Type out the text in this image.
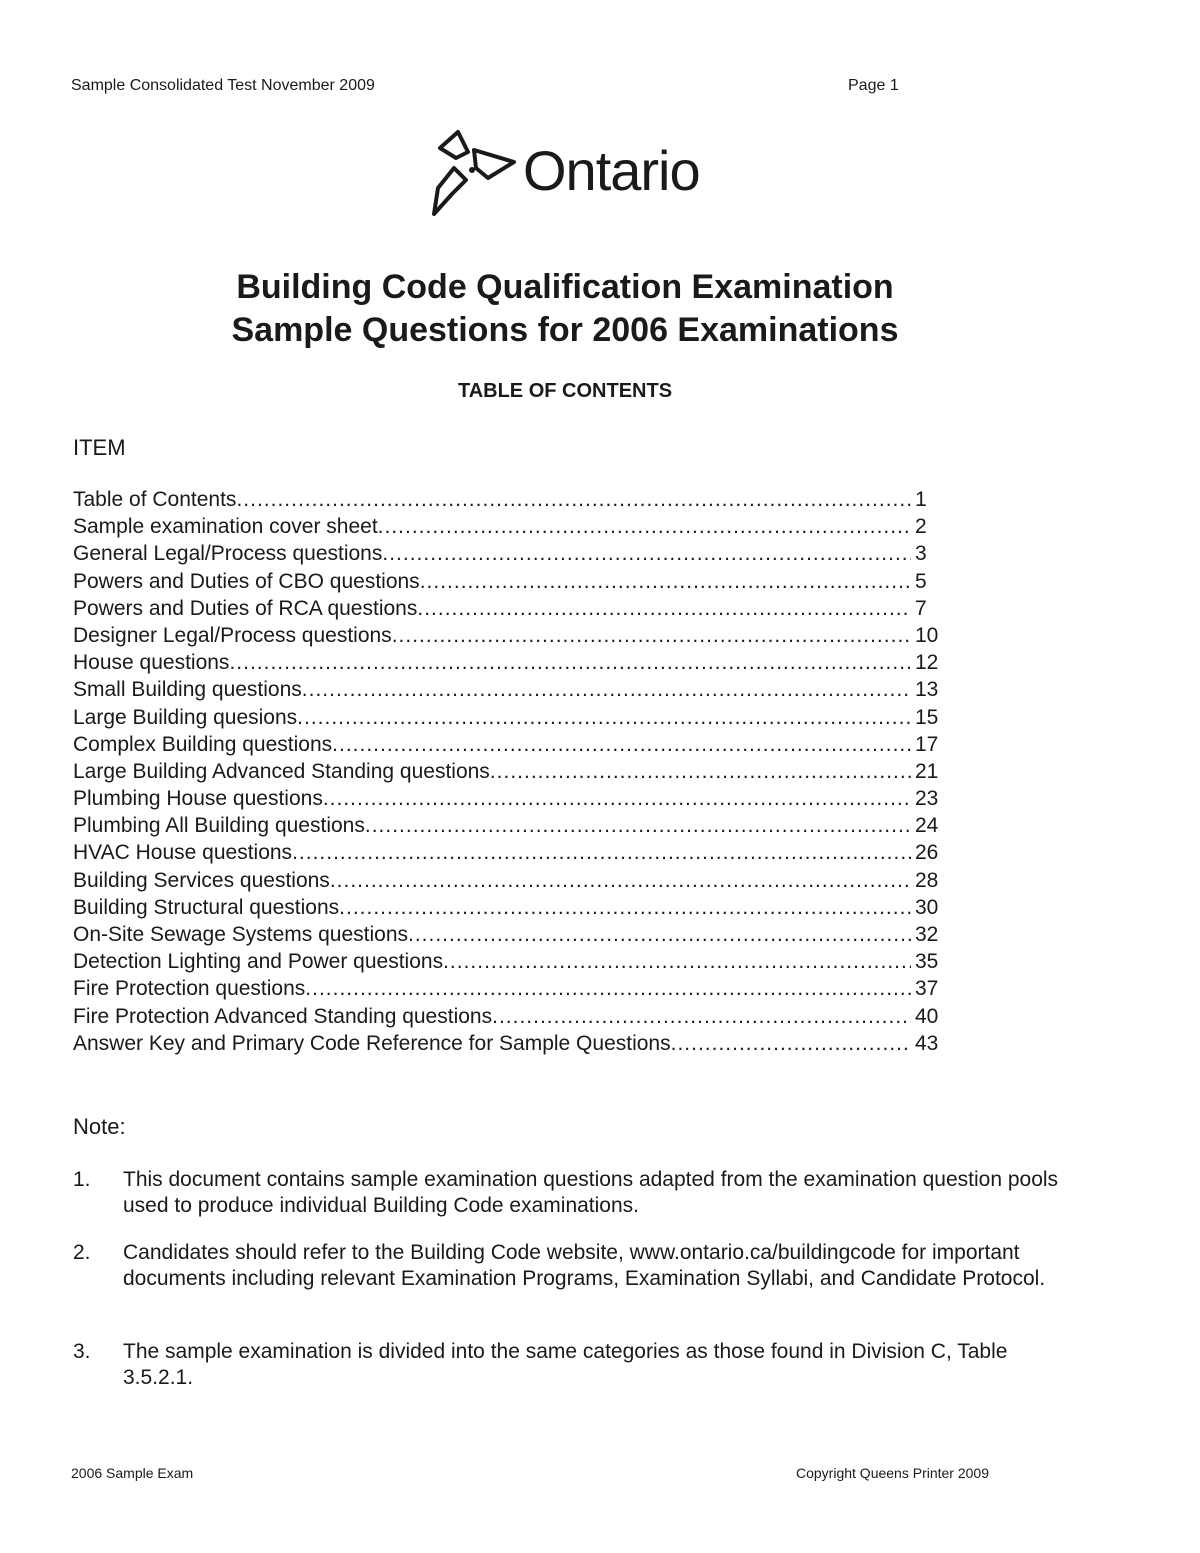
Sample Consolidated Test November 2009	Page 1
Ontario
Building Code Qualification Examination
Sample Questions for 2006 Examinations
TABLE OF CONTENTS
ITEM
Table of Contents .....	1
Sample examination cover sheet .....	2
General Legal/Process questions .....	3
Powers and Duties of CBO questions .....	5
Powers and Duties of RCA questions .....	7
Designer Legal/Process questions .....	10
House questions .....	12
Small Building questions .....	13
Large Building quesions .....	15
Complex Building questions .....	17
Large Building Advanced Standing questions .....	21
Plumbing House questions .....	23
Plumbing All Building questions .....	24
HVAC House questions .....	26
Building Services questions .....	28
Building Structural questions .....	30
On-Site Sewage Systems questions .....	32
Detection Lighting and Power questions .....	35
Fire Protection questions .....	37
Fire Protection Advanced Standing questions .....	40
Answer Key and Primary Code Reference for Sample Questions .....	43
Note:
1. This document contains sample examination questions adapted from the examination question pools used to produce individual Building Code examinations.
2. Candidates should refer to the Building Code website, www.ontario.ca/buildingcode for important documents including relevant Examination Programs, Examination Syllabi, and Candidate Protocol.
3. The sample examination is divided into the same categories as those found in Division C, Table 3.5.2.1.
2006 Sample Exam	Copyright Queens Printer 2009
